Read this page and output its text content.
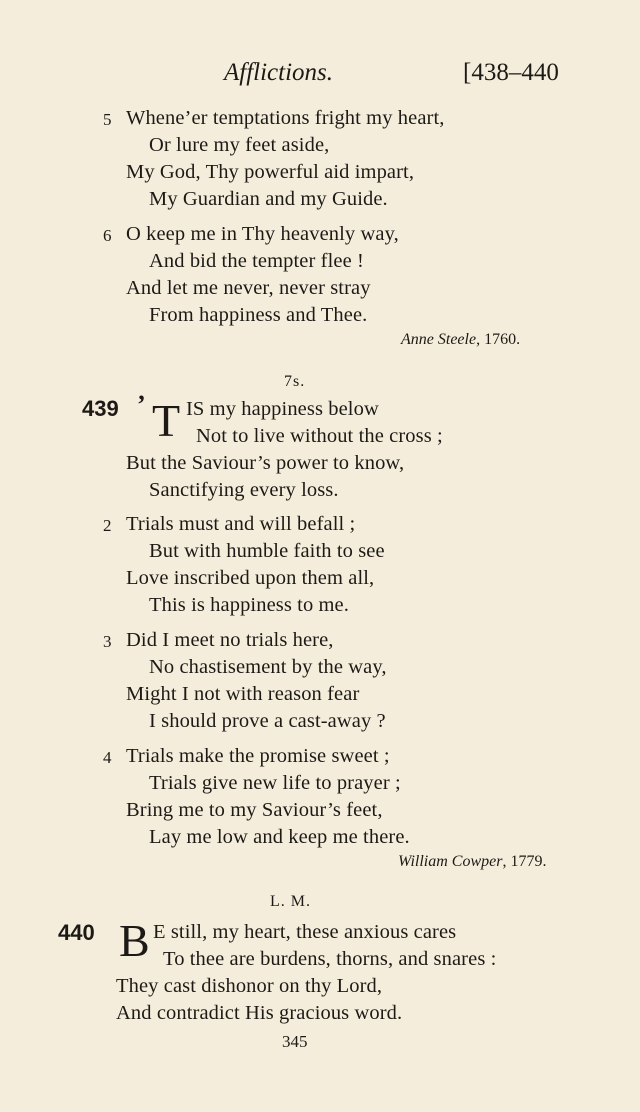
Afflictions.	[438–440
5 Whene’er temptations fright my heart,
Or lure my feet aside,
My God, Thy powerful aid impart,
My Guardian and my Guide.
6 O keep me in Thy heavenly way,
And bid the tempter flee !
And let me never, never stray
From happiness and Thee.
Anne Steele, 1760.
7s.
439 ’ T IS my happiness below
Not to live without the cross ;
But the Saviour’s power to know,
Sanctifying every loss.
2 Trials must and will befall ;
But with humble faith to see
Love inscribed upon them all,
This is happiness to me.
3 Did I meet no trials here,
No chastisement by the way,
Might I not with reason fear
I should prove a cast-away ?
4 Trials make the promise sweet ;
Trials give new life to prayer ;
Bring me to my Saviour’s feet,
Lay me low and keep me there.
William Cowper, 1779.
L. M.
440 B E still, my heart, these anxious cares
To thee are burdens, thorns, and snares :
They cast dishonor on thy Lord,
And contradict His gracious word.
345
